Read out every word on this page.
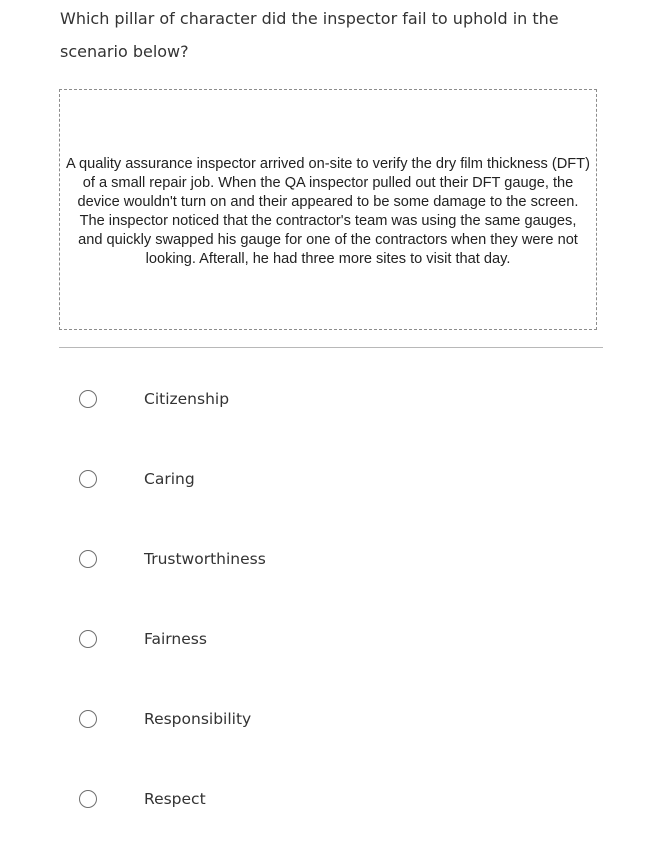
Which pillar of character did the inspector fail to uphold in the scenario below?

A quality assurance inspector arrived on-site to verify the dry film thickness (DFT) of a small repair job. When the QA inspector pulled out their DFT gauge, the device wouldn't turn on and their appeared to be some damage to the screen. The inspector noticed that the contractor's team was using the same gauges, and quickly swapped his gauge for one of the contractors when they were not looking. Afterall, he had three more sites to visit that day.
Citizenship
Caring
Trustworthiness
Fairness
Responsibility
Respect
